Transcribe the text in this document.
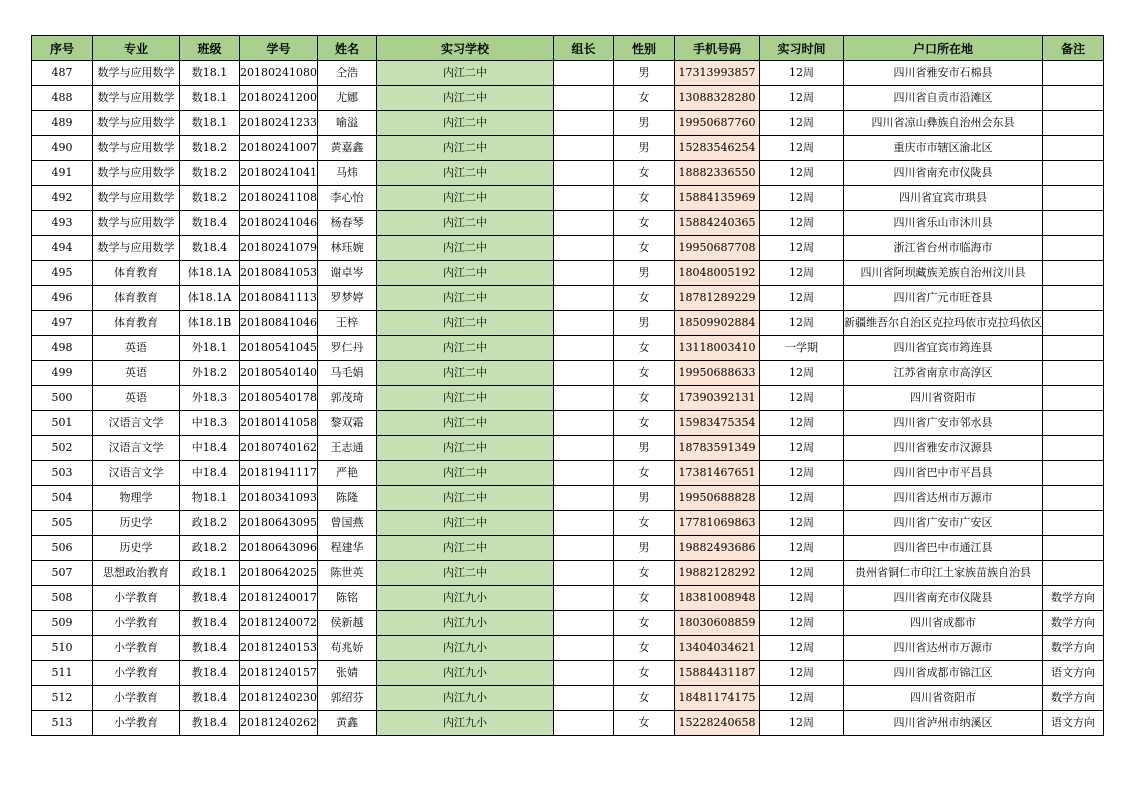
序号	专业	班级	学号	姓名	实习学校	组长	性别	手机号码	实习时间	户口所在地	备注
487	数学与应用数学	数18.1	20180241080	仝浩	内江二中		男	17313993857	12周	四川省雅安市石棉县	
488	数学与应用数学	数18.1	20180241200	尤娜	内江二中		女	13088328280	12周	四川省自贡市沿滩区	
489	数学与应用数学	数18.1	20180241233	喻溢	内江二中		男	19950687760	12周	四川省凉山彝族自治州会东县	
490	数学与应用数学	数18.2	20180241007	黄嘉鑫	内江二中		男	15283546254	12周	重庆市市辖区渝北区	
491	数学与应用数学	数18.2	20180241041	马炜	内江二中		女	18882336550	12周	四川省南充市仪陇县	
492	数学与应用数学	数18.2	20180241108	李心怡	内江二中		女	15884135969	12周	四川省宜宾市珙县	
493	数学与应用数学	数18.4	20180241046	杨春琴	内江二中		女	15884240365	12周	四川省乐山市沐川县	
494	数学与应用数学	数18.4	20180241079	林珏婉	内江二中		女	19950687708	12周	浙江省台州市临海市	
495	体育教育	体18.1A	20180841053	谢卓岑	内江二中		男	18048005192	12周	四川省阿坝藏族羌族自治州汶川县	
496	体育教育	体18.1A	20180841113	罗梦婷	内江二中		女	18781289229	12周	四川省广元市旺苍县	
497	体育教育	体18.1B	20180841046	王梓	内江二中		男	18509902884	12周	新疆维吾尔自治区克拉玛依市克拉玛依区	
498	英语	外18.1	20180541045	罗仁丹	内江二中		女	13118003410	一学期	四川省宜宾市筠连县	
499	英语	外18.2	20180540140	马毛娟	内江二中		女	19950688633	12周	江苏省南京市高淳区	
500	英语	外18.3	20180540178	郭茂琦	内江二中		女	17390392131	12周	四川省资阳市	
501	汉语言文学	中18.3	20180141058	黎双霜	内江二中		女	15983475354	12周	四川省广安市邻水县	
502	汉语言文学	中18.4	20180740162	王志通	内江二中		男	18783591349	12周	四川省雅安市汉源县	
503	汉语言文学	中18.4	20181941117	严艳	内江二中		女	17381467651	12周	四川省巴中市平昌县	
504	物理学	物18.1	20180341093	陈隆	内江二中		男	19950688828	12周	四川省达州市万源市	
505	历史学	政18.2	20180643095	曾国燕	内江二中		女	17781069863	12周	四川省广安市广安区	
506	历史学	政18.2	20180643096	程建华	内江二中		男	19882493686	12周	四川省巴中市通江县	
507	思想政治教育	政18.1	20180642025	陈世英	内江二中		女	19882128292	12周	贵州省铜仁市印江土家族苗族自治县	
508	小学教育	教18.4	20181240017	陈铭	内江九小		女	18381008948	12周	四川省南充市仪陇县	数学方向
509	小学教育	教18.4	20181240072	侯新越	内江九小		女	18030608859	12周	四川省成都市	数学方向
510	小学教育	教18.4	20181240153	苟兆娇	内江九小		女	13404034621	12周	四川省达州市万源市	数学方向
511	小学教育	教18.4	20181240157	张婧	内江九小		女	15884431187	12周	四川省成都市锦江区	语文方向
512	小学教育	教18.4	20181240230	郭绍芬	内江九小		女	18481174175	12周	四川省资阳市	数学方向
513	小学教育	教18.4	20181240262	黄鑫	内江九小		女	15228240658	12周	四川省泸州市纳溪区	语文方向
